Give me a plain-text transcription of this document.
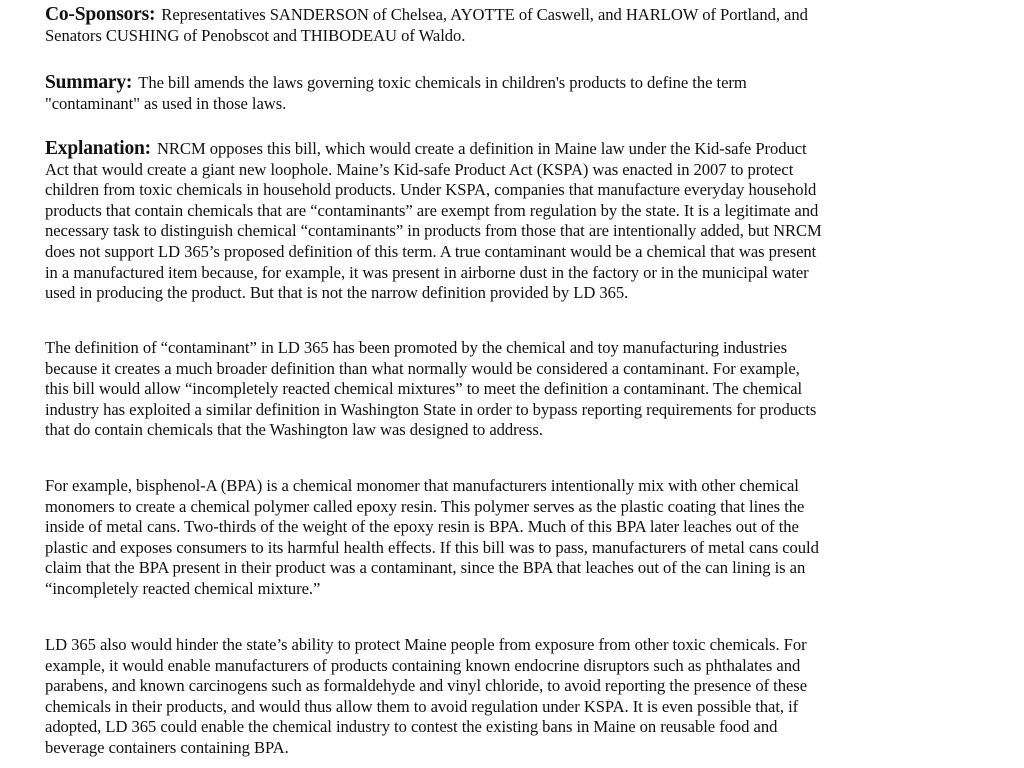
Co-Sponsors: Representatives SANDERSON of Chelsea, AYOTTE of Caswell, and HARLOW of Portland, and
Senators CUSHING of Penobscot and THIBODEAU of Waldo.
Summary: The bill amends the laws governing toxic chemicals in children's products to define the term
"contaminant" as used in those laws.
Explanation: NRCM opposes this bill, which would create a definition in Maine law under the Kid-safe Product
Act that would create a giant new loophole. Maine’s Kid-safe Product Act (KSPA) was enacted in 2007 to protect
children from toxic chemicals in household products. Under KSPA, companies that manufacture everyday household
products that contain chemicals that are “contaminants” are exempt from regulation by the state. It is a legitimate and
necessary task to distinguish chemical “contaminants” in products from those that are intentionally added, but NRCM
does not support LD 365’s proposed definition of this term. A true contaminant would be a chemical that was present
in a manufactured item because, for example, it was present in airborne dust in the factory or in the municipal water
used in producing the product. But that is not the narrow definition provided by LD 365.
The definition of “contaminant” in LD 365 has been promoted by the chemical and toy manufacturing industries
because it creates a much broader definition than what normally would be considered a contaminant. For example,
this bill would allow “incompletely reacted chemical mixtures” to meet the definition a contaminant. The chemical
industry has exploited a similar definition in Washington State in order to bypass reporting requirements for products
that do contain chemicals that the Washington law was designed to address.
For example, bisphenol-A (BPA) is a chemical monomer that manufacturers intentionally mix with other chemical
monomers to create a chemical polymer called epoxy resin. This polymer serves as the plastic coating that lines the
inside of metal cans. Two-thirds of the weight of the epoxy resin is BPA. Much of this BPA later leaches out of the
plastic and exposes consumers to its harmful health effects. If this bill was to pass, manufacturers of metal cans could
claim that the BPA present in their product was a contaminant, since the BPA that leaches out of the can lining is an
“incompletely reacted chemical mixture.”
LD 365 also would hinder the state’s ability to protect Maine people from exposure from other toxic chemicals. For
example, it would enable manufacturers of products containing known endocrine disruptors such as phthalates and
parabens, and known carcinogens such as formaldehyde and vinyl chloride, to avoid reporting the presence of these
chemicals in their products, and would thus allow them to avoid regulation under KSPA. It is even possible that, if
adopted, LD 365 could enable the chemical industry to contest the existing bans in Maine on reusable food and
beverage containers containing BPA.
